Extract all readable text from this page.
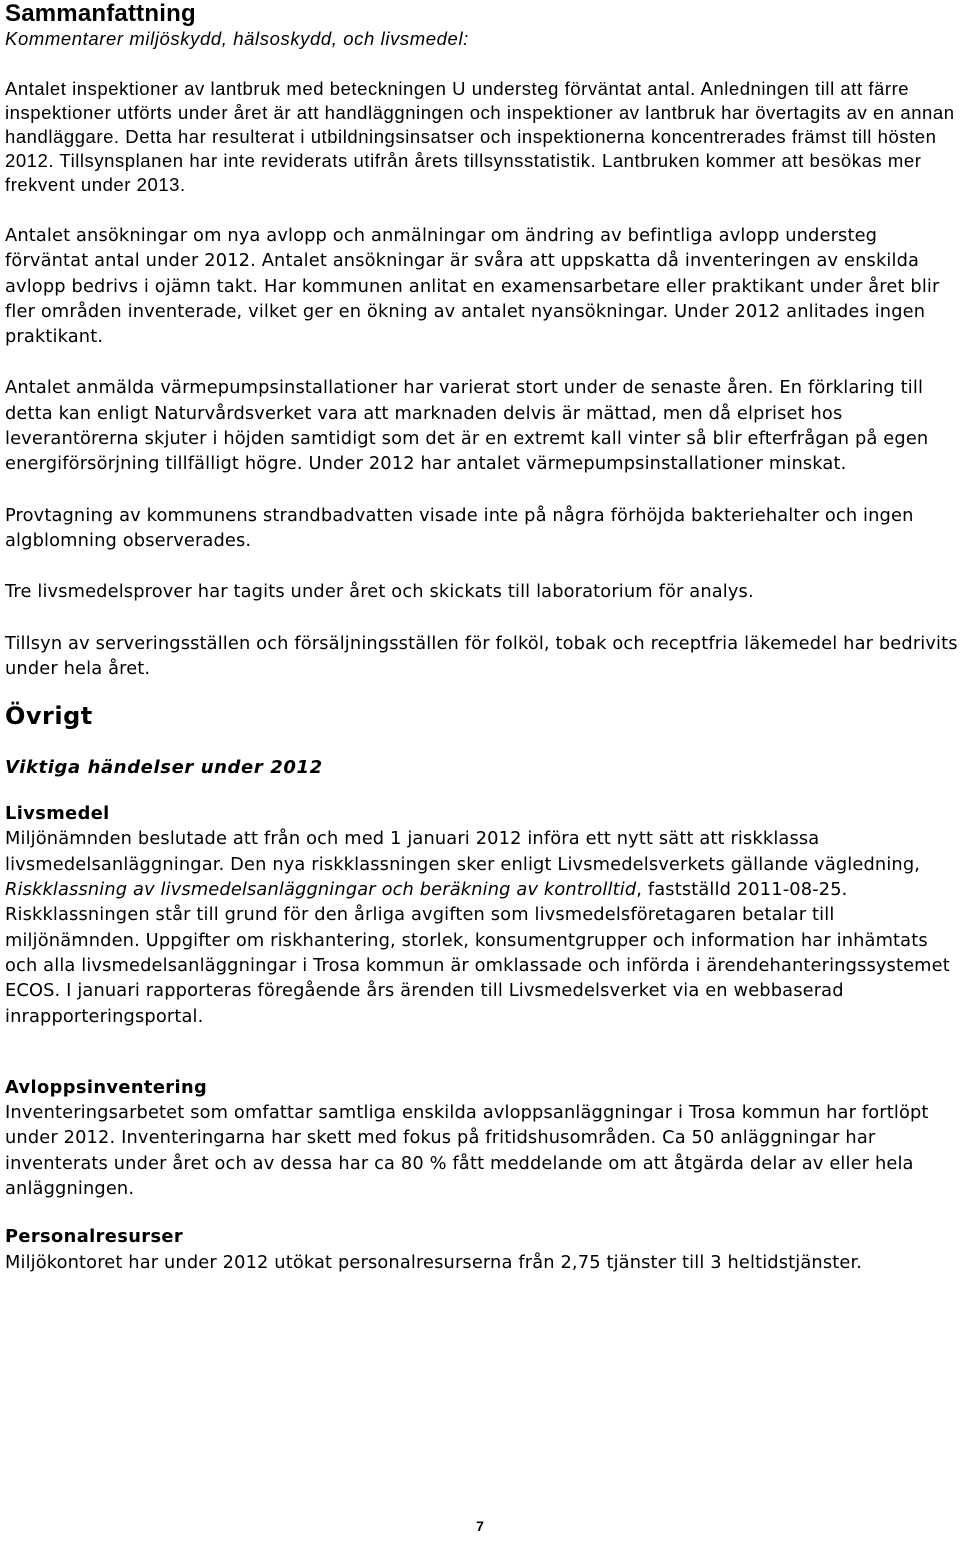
Sammanfattning

Kommentarer miljöskydd, hälsoskydd, och livsmedel:

Antalet inspektioner av lantbruk med beteckningen U understeg förväntat antal. Anledningen till att färre inspektioner utförts under året är att handläggningen och inspektioner av lantbruk har övertagits av en annan handläggare. Detta har resulterat i utbildningsinsatser och inspektionerna koncentrerades främst till hösten 2012. Tillsynsplanen har inte reviderats utifrån årets tillsynsstatistik. Lantbruken kommer att besökas mer frekvent under 2013.

Antalet ansökningar om nya avlopp och anmälningar om ändring av befintliga avlopp understeg förväntat antal under 2012. Antalet ansökningar är svåra att uppskatta då inventeringen av enskilda avlopp bedrivs i ojämn takt. Har kommunen anlitat en examensarbetare eller praktikant under året blir fler områden inventerade, vilket ger en ökning av antalet nyansökningar. Under 2012 anlitades ingen praktikant.

Antalet anmälda värmepumpsinstallationer har varierat stort under de senaste åren. En förklaring till detta kan enligt Naturvårdsverket vara att marknaden delvis är mättad, men då elpriset hos leverantörerna skjuter i höjden samtidigt som det är en extremt kall vinter så blir efterfrågan på egen energiförsörjning tillfälligt högre. Under 2012 har antalet värmepumpsinstallationer minskat.

Provtagning av kommunens strandbadvatten visade inte på några förhöjda bakteriehalter och ingen algblomning observerades.

Tre livsmedelsprover har tagits under året och skickats till laboratorium för analys.

Tillsyn av serveringsställen och försäljningsställen för folköl, tobak och receptfria läkemedel har bedrivits under hela året.

Övrigt
Viktiga händelser under 2012
Livsmedel

Miljönämnden beslutade att från och med 1 januari 2012 införa ett nytt sätt att riskklassa livsmedelsanläggningar. Den nya riskklassningen sker enligt Livsmedelsverkets gällande vägledning, Riskklassning av livsmedelsanläggningar och beräkning av kontrolltid, fastställd 2011-08-25.

Riskklassningen står till grund för den årliga avgiften som livsmedelsföretagaren betalar till miljönämnden. Uppgifter om riskhantering, storlek, konsumentgrupper och information har inhämtats och alla livsmedelsanläggningar i Trosa kommun är omklassade och införda i ärendehanteringssystemet ECOS. I januari rapporteras föregående års ärenden till Livsmedelsverket via en webbaserad inrapporteringsportal.

Avloppsinventering

Inventeringsarbetet som omfattar samtliga enskilda avloppsanläggningar i Trosa kommun har fortlöpt under 2012. Inventeringarna har skett med fokus på fritidshusområden. Ca 50 anläggningar har inventerats under året och av dessa har ca 80 % fått meddelande om att åtgärda delar av eller hela anläggningen.

Personalresurser

Miljökontoret har under 2012 utökat personalresurserna från 2,75 tjänster till 3 heltidstjänster.

7
